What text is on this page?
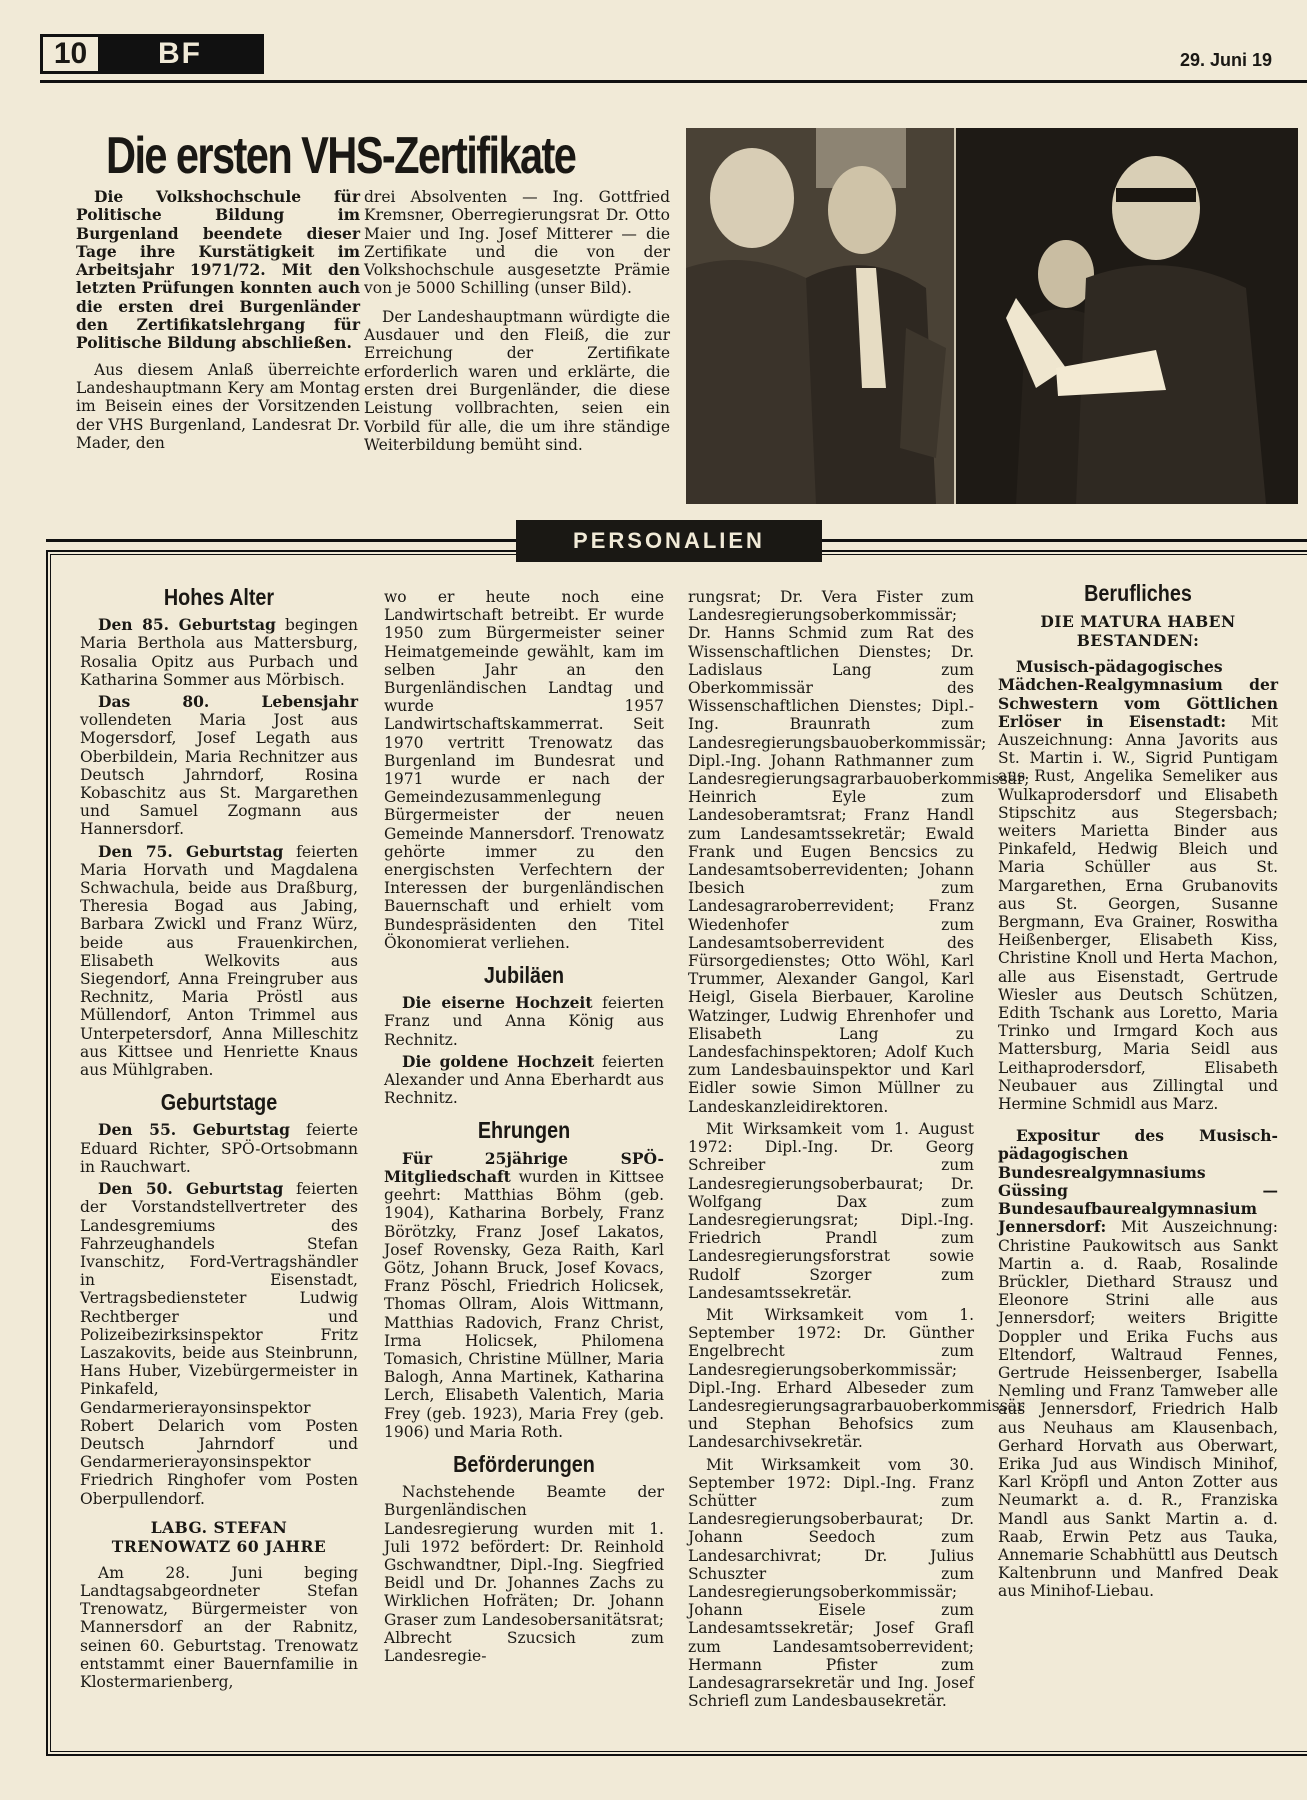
10	BF	29. Juni 19
Die ersten VHS-Zertifikate

Die Volkshochschule für Politische Bildung im Burgenland beendete dieser Tage ihre Kurstätigkeit im Arbeitsjahr 1971/72. Mit den letzten Prüfungen konnten auch die ersten drei Burgenländer den Zertifikatslehrgang für Politische Bildung abschließen.

Aus diesem Anlaß überreichte Landeshauptmann Kery am Montag im Beisein eines der Vorsitzenden der VHS Burgenland, Landesrat Dr. Mader, den

drei Absolventen — Ing. Gottfried Kremsner, Oberregierungsrat Dr. Otto Maier und Ing. Josef Mitterer — die Zertifikate und die von der Volkshochschule ausgesetzte Prämie von je 5000 Schilling (unser Bild).

Der Landeshauptmann würdigte die Ausdauer und den Fleiß, die zur Erreichung der Zertifikate erforderlich waren und erklärte, die ersten drei Burgenländer, die diese Leistung vollbrachten, seien ein Vorbild für alle, die um ihre ständige Weiterbildung bemüht sind.

PERSONALIEN
Hohes Alter

Den 85. Geburtstag begingen Maria Berthola aus Mattersburg, Rosalia Opitz aus Purbach und Katharina Sommer aus Mörbisch.

Das 80. Lebensjahr vollendeten Maria Jost aus Mogersdorf, Josef Legath aus Oberbildein, Maria Rechnitzer aus Deutsch Jahrndorf, Rosina Kobaschitz aus St. Margarethen und Samuel Zogmann aus Hannersdorf.

Den 75. Geburtstag feierten Maria Horvath und Magdalena Schwachula, beide aus Draßburg, Theresia Bogad aus Jabing, Barbara Zwickl und Franz Würz, beide aus Frauenkirchen, Elisabeth Welkovits aus Siegendorf, Anna Freingruber aus Rechnitz, Maria Pröstl aus Müllendorf, Anton Trimmel aus Unterpetersdorf, Anna Milleschitz aus Kittsee und Henriette Knaus aus Mühlgraben.

Geburtstage

Den 55. Geburtstag feierte Eduard Richter, SPÖ-Ortsobmann in Rauchwart.

Den 50. Geburtstag feierten der Vorstandstellvertreter des Landesgremiums des Fahrzeughandels Stefan Ivanschitz, Ford-Vertragshändler in Eisenstadt, Vertragsbediensteter Ludwig Rechtberger und Polizeibezirksinspektor Fritz Laszakovits, beide aus Steinbrunn, Hans Huber, Vizebürgermeister in Pinkafeld, Gendarmerierayonsinspektor Robert Delarich vom Posten Deutsch Jahrndorf und Gendarmerierayonsinspektor Friedrich Ringhofer vom Posten Oberpullendorf.

LABG. STEFAN TRENOWATZ 60 JAHRE

Am 28. Juni beging Landtagsabgeordneter Stefan Trenowatz, Bürgermeister von Mannersdorf an der Rabnitz, seinen 60. Geburtstag. Trenowatz entstammt einer Bauernfamilie in Klostermarienberg,

wo er heute noch eine Landwirtschaft betreibt. Er wurde 1950 zum Bürgermeister seiner Heimatgemeinde gewählt, kam im selben Jahr an den Burgenländischen Landtag und wurde 1957 Landwirtschaftskammerrat. Seit 1970 vertritt Trenowatz das Burgenland im Bundesrat und 1971 wurde er nach der Gemeindezusammenlegung Bürgermeister der neuen Gemeinde Mannersdorf. Trenowatz gehörte immer zu den energischsten Verfechtern der Interessen der burgenländischen Bauernschaft und erhielt vom Bundespräsidenten den Titel Ökonomierat verliehen.

Jubiläen

Die eiserne Hochzeit feierten Franz und Anna König aus Rechnitz.

Die goldene Hochzeit feierten Alexander und Anna Eberhardt aus Rechnitz.

Ehrungen

Für 25jährige SPÖ-Mitgliedschaft wurden in Kittsee geehrt: Matthias Böhm (geb. 1904), Katharina Borbely, Franz Börötzky, Franz Josef Lakatos, Josef Rovensky, Geza Raith, Karl Götz, Johann Bruck, Josef Kovacs, Franz Pöschl, Friedrich Holicsek, Thomas Ollram, Alois Wittmann, Matthias Radovich, Franz Christ, Irma Holicsek, Philomena Tomasich, Christine Müllner, Maria Balogh, Anna Martinek, Katharina Lerch, Elisabeth Valentich, Maria Frey (geb. 1923), Maria Frey (geb. 1906) und Maria Roth.

Beförderungen

Nachstehende Beamte der Burgenländischen Landesregierung wurden mit 1. Juli 1972 befördert: Dr. Reinhold Gschwandtner, Dipl.-Ing. Siegfried Beidl und Dr. Johannes Zachs zu Wirklichen Hofräten; Dr. Johann Graser zum Landesobersanitätsrat; Albrecht Szucsich zum Landesregie-

rungsrat; Dr. Vera Fister zum Landesregierungsoberkommissär; Dr. Hanns Schmid zum Rat des Wissenschaftlichen Dienstes; Dr. Ladislaus Lang zum Oberkommissär des Wissenschaftlichen Dienstes; Dipl.-Ing. Braunrath zum Landesregierungsbauoberkommissär; Dipl.-Ing. Johann Rathmanner zum Landesregierungsagrarbauoberkommissär; Heinrich Eyle zum Landesoberamtsrat; Franz Handl zum Landesamtssekretär; Ewald Frank und Eugen Bencsics zu Landesamtsoberrevidenten; Johann Ibesich zum Landesagraroberrevident; Franz Wiedenhofer zum Landesamtsoberrevident des Fürsorgedienstes; Otto Wöhl, Karl Trummer, Alexander Gangol, Karl Heigl, Gisela Bierbauer, Karoline Watzinger, Ludwig Ehrenhofer und Elisabeth Lang zu Landesfachinspektoren; Adolf Kuch zum Landesbauinspektor und Karl Eidler sowie Simon Müllner zu Landeskanzleidirektoren.

Mit Wirksamkeit vom 1. August 1972: Dipl.-Ing. Dr. Georg Schreiber zum Landesregierungsoberbaurat; Dr. Wolfgang Dax zum Landesregierungsrat; Dipl.-Ing. Friedrich Prandl zum Landesregierungsforstrat sowie Rudolf Szorger zum Landesamtssekretär.

Mit Wirksamkeit vom 1. September 1972: Dr. Günther Engelbrecht zum Landesregierungsoberkommissär; Dipl.-Ing. Erhard Albeseder zum Landesregierungsagrarbauoberkommissär und Stephan Behofsics zum Landesarchivsekretär.

Mit Wirksamkeit vom 30. September 1972: Dipl.-Ing. Franz Schütter zum Landesregierungsoberbaurat; Dr. Johann Seedoch zum Landesarchivrat; Dr. Julius Schuszter zum Landesregierungsoberkommissär; Johann Eisele zum Landesamtssekretär; Josef Grafl zum Landesamtsoberrevident; Hermann Pfister zum Landesagrarsekretär und Ing. Josef Schriefl zum Landesbausekretär.

Berufliches
DIE MATURA HABEN BESTANDEN:

Musisch-pädagogisches Mädchen-Realgymnasium der Schwestern vom Göttlichen Erlöser in Eisenstadt: Mit Auszeichnung: Anna Javorits aus St. Martin i. W., Sigrid Puntigam aus Rust, Angelika Semeliker aus Wulkaprodersdorf und Elisabeth Stipschitz aus Stegersbach; weiters Marietta Binder aus Pinkafeld, Hedwig Bleich und Maria Schüller aus St. Margarethen, Erna Grubanovits aus St. Georgen, Susanne Bergmann, Eva Grainer, Roswitha Heißenberger, Elisabeth Kiss, Christine Knoll und Herta Machon, alle aus Eisenstadt, Gertrude Wiesler aus Deutsch Schützen, Edith Tschank aus Loretto, Maria Trinko und Irmgard Koch aus Mattersburg, Maria Seidl aus Leithaprodersdorf, Elisabeth Neubauer aus Zillingtal und Hermine Schmidl aus Marz.

Expositur des Musisch-pädagogischen Bundesrealgymnasiums Güssing — Bundesaufbaurealgymnasium Jennersdorf: Mit Auszeichnung: Christine Paukowitsch aus Sankt Martin a. d. Raab, Rosalinde Brückler, Diethard Strausz und Eleonore Strini alle aus Jennersdorf; weiters Brigitte Doppler und Erika Fuchs aus Eltendorf, Waltraud Fennes, Gertrude Heissenberger, Isabella Nemling und Franz Tamweber alle aus Jennersdorf, Friedrich Halb aus Neuhaus am Klausenbach, Gerhard Horvath aus Oberwart, Erika Jud aus Windisch Minihof, Karl Kröpfl und Anton Zotter aus Neumarkt a. d. R., Franziska Mandl aus Sankt Martin a. d. Raab, Erwin Petz aus Tauka, Annemarie Schabhüttl aus Deutsch Kaltenbrunn und Manfred Deak aus Minihof-Liebau.
